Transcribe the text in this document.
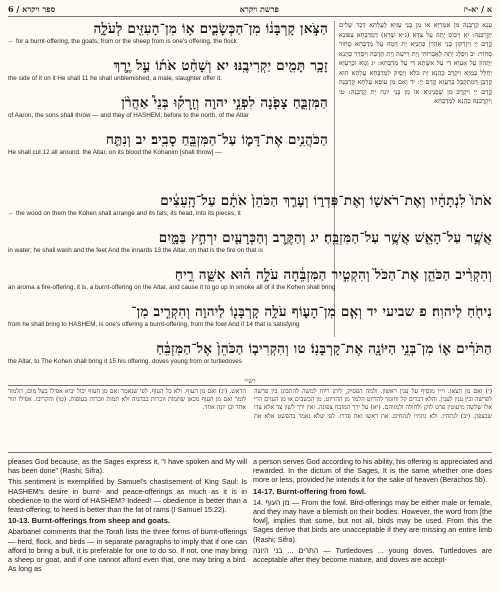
6 / ספר ויקרא	פרשת ויקרא	א / יא-יז
הַצֹּ֣אן קָרְבָּנ֔וֹ מִן־הַכְּשָׂבִ֛ים א֥וֹ מִן־הָעִזִּ֖ים לְעֹלָ֑ה
← for a burnt-offering, the goats, from or the sheep from is one's offering, the flock
זָכָ֥ר תָּמִ֖ים יַקְרִיבֶֽנּוּ׃ יא וְשָׁחַ֨ט אֹת֜וֹ עַ֣ל יֶ֧רֶךְ
the side of it on it He shall 11 he shall unblemished, a male, slaughter offer it.
הַמִּזְבֵּ֛חַ צָפֹ֖נָה לִפְנֵ֣י יהו֑ה וְזָֽרְק֡וּ בְּנֵי֩ אַהֲרֹ֨ן
of Aaron, the sons shall throw — and they of HASHEM; before to the north, of the Altar
הַכֹּהֲנִ֥ים אֶת־דָּמ֛וֹ עַל־הַמִּזְבֵּ֖חַ סָבִֽיב׃ יב וְנִתַּ֤ח
He shall cut 12 all around. the Altar, on its blood the Kohanim [shall throw] —
עָנָא קֻרְבָּנֵהּ מִן אִמְּרַיָּא אוֹ מִן בְּנֵי עִזַּיָּא לַעֲלָתָא דְּכַר שְׁלִים יְקָרְבִנֵּהּ: יא וְיִכּוֹס יָתֵהּ עַל צִדָּא (נ״א שְׁדָא) דְמַדְבְּחָא צִפּוּנָא קֳדָם יְיָ וְיִזְרְקוּן בְּנֵי אַהֲרֹן כָּהֲנַיָּא יָת דְּמֵהּ עַל מַדְבְּחָא סְחוֹר סְחוֹר: יב וִיפַלַּג יָתֵהּ לְאֵבָרוֹהִי וְיָת רֵישֵׁהּ וְיָת תַּרְבֵּהּ וִיסַדַּר כָּהֲנָא יָתְהוֹן עַל אָעַיָּא דִּי עַל אִשָּׁתָא דִּי עַל מַדְבְּחָא: יג וְגַוָּא וּכְרָעַיָּא יְחַלֵּל בְּמַיָּא וִיקָרֵב כָּהֲנָא יָת כֹּלָּא וְיַסֵּיק לְמַדְבְּחָא עֲלָתָא הוּא קֻרְבַּן דְּמִתְקַבַּל בְּרַעֲוָא קֳדָם יְיָ: יד וְאִם מִן עוֹפָא עֲלָתָא קֻרְבָּנֵהּ קֳדָם יְיָ וִיקָרֵב מִן שַׁפְנִינַיָּא אוֹ מִן בְּנֵי יוֹנָה יָת קֻרְבָּנֵהּ: טו וִיקָרְבִנֵּהּ כָּהֲנָא לְמַדְבְּחָא
אֹתוֹ֙ לִנְתָחָ֔יו וְאֶת־רֹאשׁ֖וֹ וְאֶת־פִּדְר֑וֹ וְעָרַ֤ךְ הַכֹּהֵן֙ אֹתָ֔ם עַל־הָֽעֵצִ֔ים
← the wood on them the Kohen shall arrange and its fats; its head, into its pieces, it
אֲשֶׁ֥ר עַל־הָאֵ֖שׁ אֲשֶׁ֥ר עַל־הַמִּזְבֵּֽחַ׃ יג וְהַקֶּ֥רֶב וְהַכְּרָעַ֖יִם יִרְחַ֣ץ בַּמָּ֑יִם
in water; he shall wash and the feet And the innards 13 the Altar. on that is the fire on that is
וְהִקְרִ֨יב הַכֹּהֵ֤ן אֶת־הַכֹּל֙ וְהִקְטִ֣יר הַמִּזְבֵּ֔חָה עֹלָ֣ה ה֗וּא אִשֵּׁ֛ה רֵ֥יחַ
an aroma a fire-offering, it is, a burnt-offering on the Altar, and cause it to go up in smoke all of it the Kohen shall bring
נִיחֹ֖חַ לַיהוֽה׃ פ שביעי יד וְאִ֧ם מִן־הָע֛וֹף עֹלָ֥ה קָרְבָּנ֖וֹ לַיהו֑ה וְהִקְרִ֣יב מִן־
from he shall bring to HASHEM, is one's offering a burnt-offering, from the fowl And if 14 that is satisfying
הַתֹּרִ֗ים א֛וֹ מִן־בְּנֵ֥י הַיּוֹנָ֖ה אֶת־קָרְבָּנֽוֹ׃ טו וְהִקְרִיב֤וֹ הַכֹּהֵן֙ אֶל־הַמִּזְבֵּ֔חַ
the Altar, to The Kohen shall bring it 15 his offering. doves young from or turtledoves
רש״י
(י) וְאִם מִן הַצֹּאן. וי״ו מוסיף על ענין ראשון. ולמה הפסיק, ליתן ריוח למשה להתבונן בין פרשה לפרשה ובין ענין לענין. והלא דברים קל וחומר להדיוט הלמד מן ההדיוט. מן הכשבים או מן העזים הרי אלו שלשה מיעוטין פרט לזקן ולחולה ולמזוהם. (יא) על ירך המזבח צפונה. ואין ירך לשון צד אלא צדו שבצפון. (יב) לנתחיו. ולא נתחיו לנתחים. את ראשו ואת פדרו. לפי שלא נאמר בהפשט אלא את הראש. (יג) ואם מן העוף. ולא כל העוף. לפי שנאמר ואם מן העוף יכול יביא אפילו בעל מום, תלמוד לומר ואם מן העוף מכאן שתמות וזכרות בבהמה ולא תמות וזכרות בעופות. (טו) והקריבו. אפילו תור אחד ובן יונה אחד.

pleases God because, as the Sages express it, "I have spoken and My will has been done" (Rashi; Sifra).

This sentiment is exemplified by Samuel's chastisement of King Saul: Is HASHEM's desire in burnt- and peace-offerings as much as it is in obedience to the word of HASHEM? Indeed! — obedience is better than a feast-offering; to heed is better than the fat of rams (I Samuel 15:22).

10-13. Burnt-offerings from sheep and goats.

Abarbanel comments that the Torah lists the three forms of burnt-offerings — herd, flock, and birds — in separate paragraphs to imply that if one can afford to bring a bull, it is preferable for one to do so. If not, one may bring a sheep or goat, and if one cannot afford even that, one may bring a bird. As long as

a person serves God according to his ability, his offering is appreciated and rewarded. In the dictum of the Sages, It is the same whether one does more or less, provided he intends it for the sake of heaven (Berachos 5b).

14-17. Burnt-offering from fowl.

14. מן העוף — From the fowl. Bird-offerings may be either male or female, and they may have a blemish on their bodies. However, the word from [the fowl], implies that some, but not all, birds may be used. From this the Sages derive that birds are unacceptable if they are missing an entire limb (Rashi; Sifra).

התרים ... בני היונה — Turtledoves ... young doves. Turtledoves are acceptable after they become mature, and doves are accept-
